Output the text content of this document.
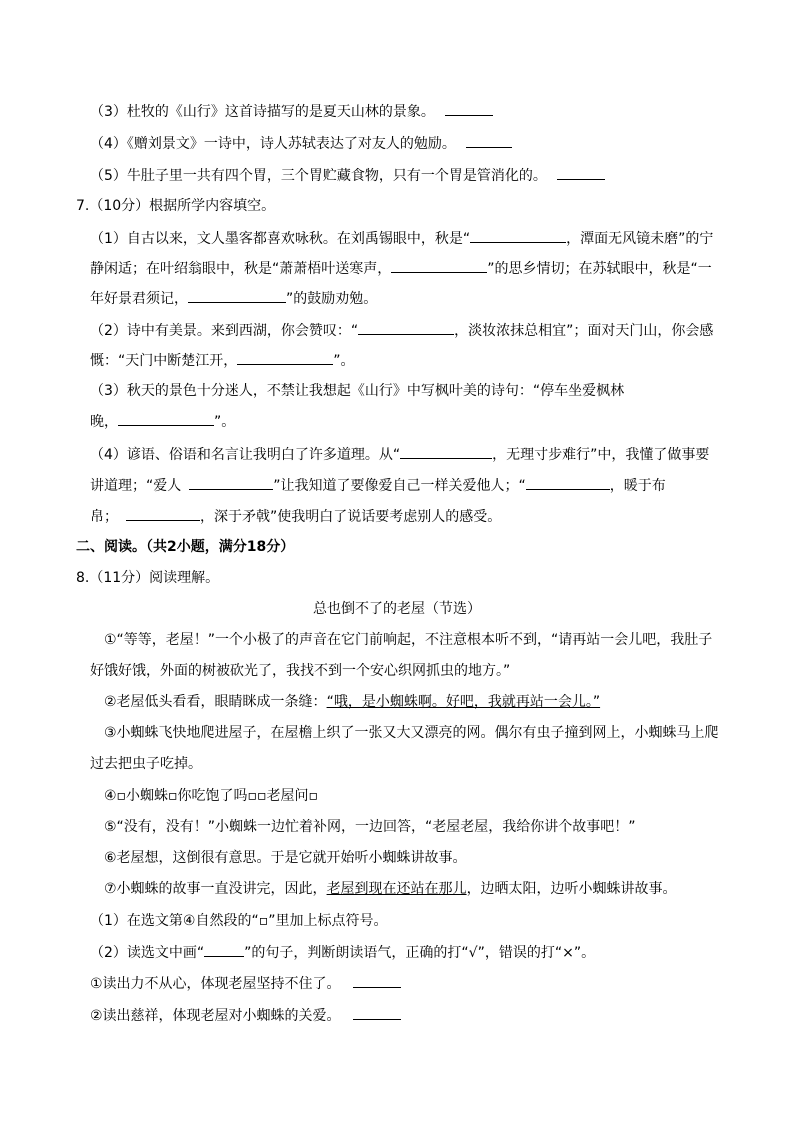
（3）杜牧的《山行》这首诗描写的是夏天山林的景象。
（4）《赠刘景文》一诗中，诗人苏轼表达了对友人的勉励。
（5）牛肚子里一共有四个胃，三个胃贮藏食物，只有一个胃是管消化的。
7.（10分）根据所学内容填空。
（1）自古以来，文人墨客都喜欢咏秋。在刘禹锡眼中，秋是“	，潭面无风镜未磨”的宁
静闲适；在叶绍翁眼中，秋是“萧萧梧叶送寒声，	”的思乡情切；在苏轼眼中，秋是“一
年好景君须记，	”的鼓励劝勉。
（2）诗中有美景。来到西湖，你会赞叹：“	，淡妆浓抹总相宜”；面对天门山，你会感
慨：“天门中断楚江开，	”。
（3）秋天的景色十分迷人，不禁让我想起《山行》中写枫叶美的诗句：“停车坐爱枫林
晚，	”。
（4）谚语、俗语和名言让我明白了许多道理。从“	，无理寸步难行”中，我懂了做事要
讲道理；“爱人	”让我知道了要像爱自己一样关爱他人；“	，暖于布
帛；	，深于矛戟”使我明白了说话要考虑别人的感受。
二、阅读。（共2小题，满分18分）
8.（11分）阅读理解。
总也倒不了的老屋（节选）
①“等等，老屋！”一个小极了的声音在它门前响起，不注意根本听不到，“请再站一会儿吧，我肚子
好饿好饿，外面的树被砍光了，我找不到一个安心织网抓虫的地方。”
②老屋低头看看，眼睛眯成一条缝：“哦，是小蜘蛛啊。好吧，我就再站一会儿。”
③小蜘蛛飞快地爬进屋子，在屋檐上织了一张又大又漂亮的网。偶尔有虫子撞到网上，小蜘蛛马上爬
过去把虫子吃掉。
④▫小蜘蛛▫你吃饱了吗▫▫老屋问▫
⑤“没有，没有！”小蜘蛛一边忙着补网，一边回答，“老屋老屋，我给你讲个故事吧！”
⑥老屋想，这倒很有意思。于是它就开始听小蜘蛛讲故事。
⑦小蜘蛛的故事一直没讲完，因此，老屋到现在还站在那儿，边晒太阳，边听小蜘蛛讲故事。
（1）在选文第④自然段的“▫”里加上标点符号。
（2）读选文中画“	”的句子，判断朗读语气，正确的打“√”，错误的打“×”。
①读出力不从心，体现老屋坚持不住了。
②读出慈祥，体现老屋对小蜘蛛的关爱。
